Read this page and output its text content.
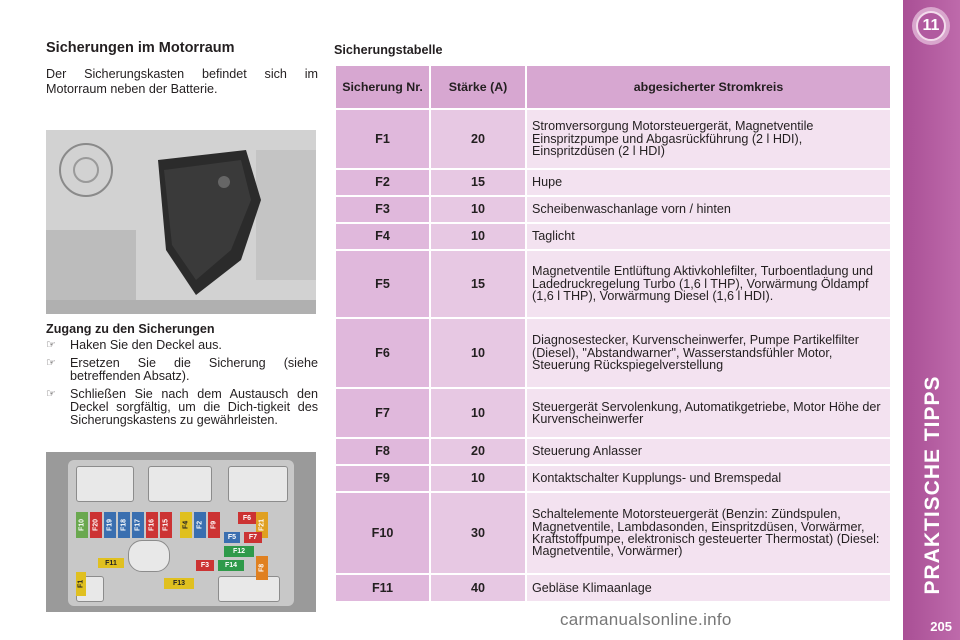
11
PRAKTISCHE TIPPS
205
Sicherungen im Motorraum

Der Sicherungskasten befindet sich im Motorraum neben der Batterie.

Zugang zu den Sicherungen
☞ Haken Sie den Deckel aus.
☞ Ersetzen Sie die Sicherung (siehe betreffenden Absatz).
☞ Schließen Sie nach dem Austausch den Deckel sorgfältig, um die Dich-tigkeit des Sicherungskastens zu gewährleisten.
F10	F20	F19	F18	F17	F16	F15	F4	F2	F9
F6
F21
F5	F7
F12
F11	F3	F14	F8
F1	F13
Sicherungstabelle
Sicherung Nr.	Stärke (A)	abgesicherter Stromkreis
F1	20	Stromversorgung Motorsteuergerät, Magnetventile Einspritzpumpe und Abgasrückführung (2 l HDI), Einspritzdüsen (2 l HDI)
F2	15	Hupe
F3	10	Scheibenwaschanlage vorn / hinten
F4	10	Taglicht
F5	15	Magnetventile Entlüftung Aktivkohlefilter, Turboentladung und Ladedruckregelung Turbo (1,6 l THP), Vorwärmung Öldampf (1,6 l THP), Vorwärmung Diesel (1,6 l HDI).
F6	10	Diagnosestecker, Kurvenscheinwerfer, Pumpe Partikelfilter (Diesel), "Abstandwarner", Wasserstandsfühler Motor, Steuerung Rückspiegelverstellung
F7	10	Steuergerät Servolenkung, Automatikgetriebe, Motor Höhe der Kurvenscheinwerfer
F8	20	Steuerung Anlasser
F9	10	Kontaktschalter Kupplungs- und Bremspedal
F10	30	Schaltelemente Motorsteuergerät (Benzin: Zündspulen, Magnetventile, Lambdasonden, Einspritzdüsen, Vorwärmer, Kraftstoffpumpe, elektronisch gesteuerter Thermostat) (Diesel: Magnetventile, Vorwärmer)
F11	40	Gebläse Klimaanlage
carmanualsonline.info
